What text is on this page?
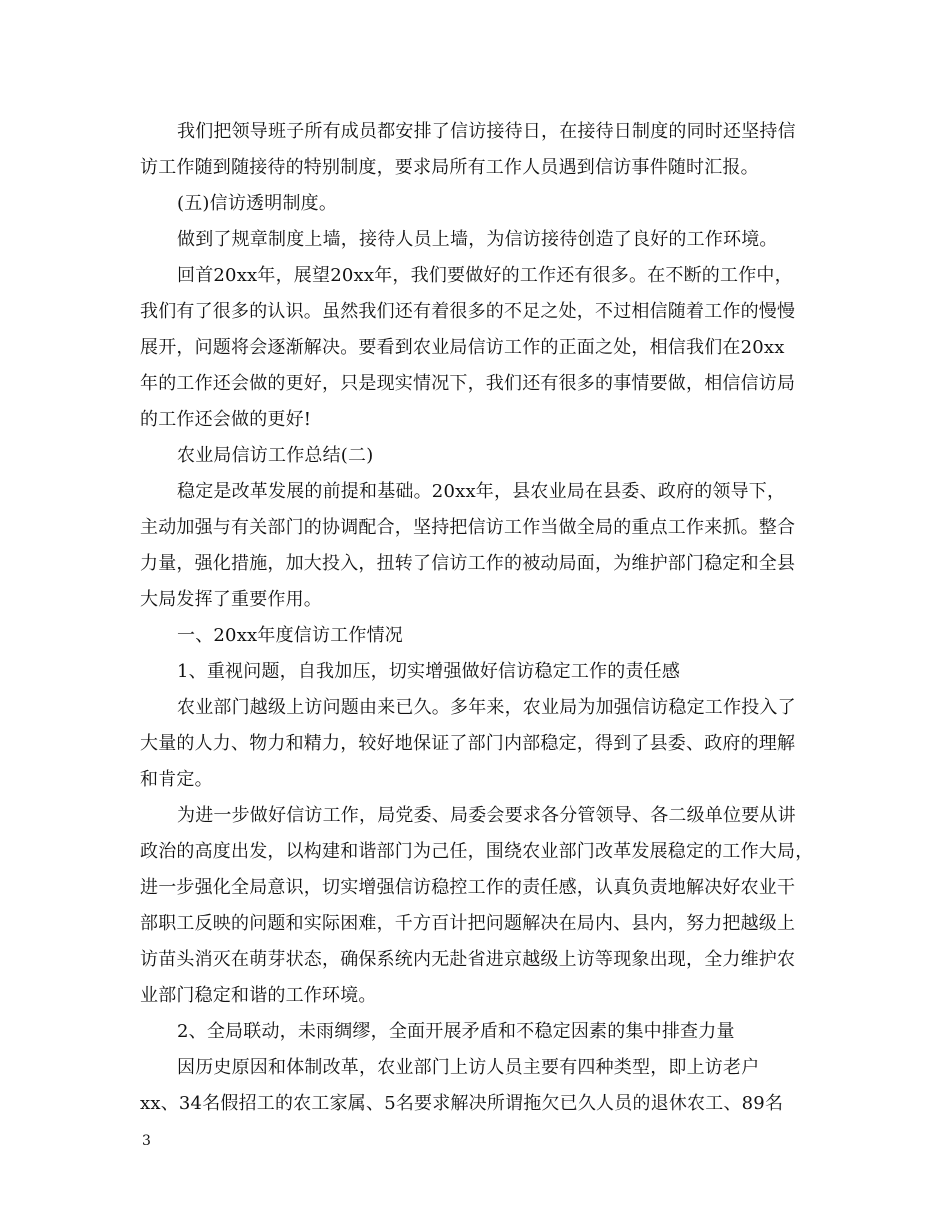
我们把领导班子所有成员都安排了信访接待日，在接待日制度的同时还坚持信
访工作随到随接待的特别制度，要求局所有工作人员遇到信访事件随时汇报。
(五)信访透明制度。
做到了规章制度上墙，接待人员上墙，为信访接待创造了良好的工作环境。
回首20xx年，展望20xx年，我们要做好的工作还有很多。在不断的工作中，
我们有了很多的认识。虽然我们还有着很多的不足之处，不过相信随着工作的慢慢
展开，问题将会逐渐解决。要看到农业局信访工作的正面之处，相信我们在20xx
年的工作还会做的更好，只是现实情况下，我们还有很多的事情要做，相信信访局
的工作还会做的更好!
农业局信访工作总结(二)
稳定是改革发展的前提和基础。20xx年，县农业局在县委、政府的领导下，
主动加强与有关部门的协调配合，坚持把信访工作当做全局的重点工作来抓。整合
力量，强化措施，加大投入，扭转了信访工作的被动局面，为维护部门稳定和全县
大局发挥了重要作用。
一、20xx年度信访工作情况
1、重视问题，自我加压，切实增强做好信访稳定工作的责任感
农业部门越级上访问题由来已久。多年来，农业局为加强信访稳定工作投入了
大量的人力、物力和精力，较好地保证了部门内部稳定，得到了县委、政府的理解
和肯定。
为进一步做好信访工作，局党委、局委会要求各分管领导、各二级单位要从讲
政治的高度出发，以构建和谐部门为己任，围绕农业部门改革发展稳定的工作大局，
进一步强化全局意识，切实增强信访稳控工作的责任感，认真负责地解决好农业干
部职工反映的问题和实际困难，千方百计把问题解决在局内、县内，努力把越级上
访苗头消灭在萌芽状态，确保系统内无赴省进京越级上访等现象出现，全力维护农
业部门稳定和谐的工作环境。
2、全局联动，未雨绸缪，全面开展矛盾和不稳定因素的集中排查力量
因历史原因和体制改革，农业部门上访人员主要有四种类型，即上访老户
xx、34名假招工的农工家属、5名要求解决所谓拖欠已久人员的退休农工、89名
3
